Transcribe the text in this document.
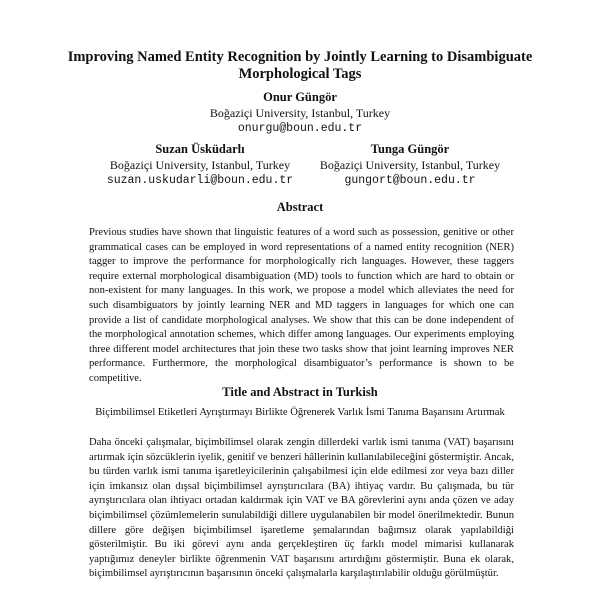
Improving Named Entity Recognition by Jointly Learning to Disambiguate Morphological Tags
Onur Güngör
Boğaziçi University, Istanbul, Turkey
onurgu@boun.edu.tr
Suzan Üsküdarlı
Boğaziçi University, Istanbul, Turkey
suzan.uskudarli@boun.edu.tr
Tunga Güngör
Boğaziçi University, Istanbul, Turkey
gungort@boun.edu.tr
Abstract
Previous studies have shown that linguistic features of a word such as possession, genitive or other grammatical cases can be employed in word representations of a named entity recognition (NER) tagger to improve the performance for morphologically rich languages. However, these taggers require external morphological disambiguation (MD) tools to function which are hard to obtain or non-existent for many languages. In this work, we propose a model which alleviates the need for such disambiguators by jointly learning NER and MD taggers in languages for which one can provide a list of candidate morphological analyses. We show that this can be done independent of the morphological annotation schemes, which differ among languages. Our experiments employing three different model architectures that join these two tasks show that joint learning improves NER performance. Furthermore, the morphological disambiguator’s performance is shown to be competitive.
Title and Abstract in Turkish
Biçimbilimsel Etiketleri Ayrıştırmayı Birlikte Öğrenerek Varlık İsmi Tanıma Başarısını Artırmak
Daha önceki çalışmalar, biçimbilimsel olarak zengin dillerdeki varlık ismi tanıma (VAT) başarısını artırmak için sözcüklerin iyelik, genitif ve benzeri hâllerinin kullanılabileceğini göstermiştir. Ancak, bu türden varlık ismi tanıma işaretleyicilerinin çalışabilmesi için elde edilmesi zor veya bazı diller için imkansız olan dışsal biçimbilimsel ayrıştırıcılara (BA) ihtiyaç vardır. Bu çalışmada, bu tür ayrıştırıcılara olan ihtiyacı ortadan kaldırmak için VAT ve BA görevlerini aynı anda çözen ve aday biçimbilimsel çözümlemelerin sunulabildiği dillere uygulanabilen bir model önerilmektedir. Bunun dillere göre değişen biçimbilimsel işaretleme şemalarından bağımsız olarak yapılabildiği gösterilmiştir. Bu iki görevi aynı anda gerçekleştiren üç farklı model mimarisi kullanarak yaptığımız deneyler birlikte öğrenmenin VAT başarısını artırdığını göstermiştir. Buna ek olarak, biçimbilimsel ayrıştırıcının başarısının önceki çalışmalarla karşılaştırılabilir olduğu görülmüştür.
